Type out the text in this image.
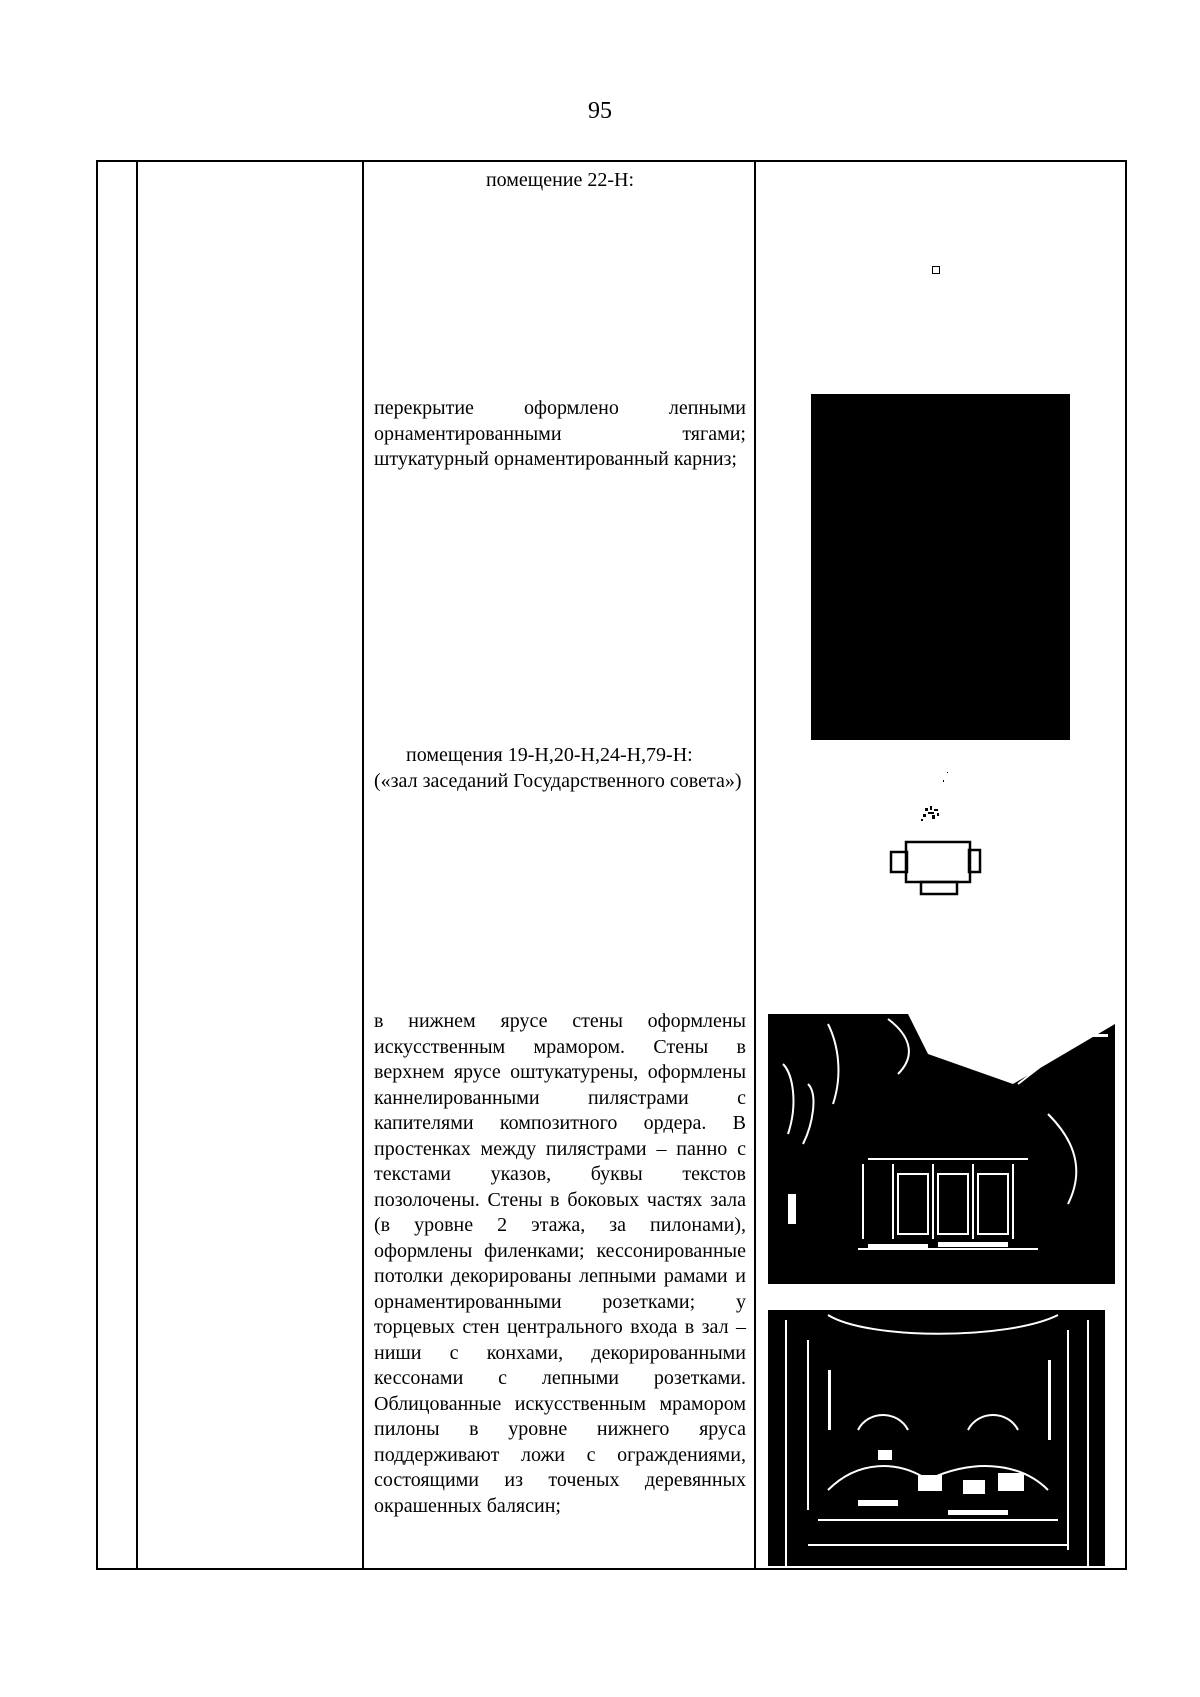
95
помещение 22-Н:
перекрытие оформлено лепными орнаментированными тягами; штукатурный орнаментированный карниз;
помещения 19-Н,20-Н,24-Н,79-Н:
(«зал заседаний Государственного совета»)
в нижнем ярусе стены оформлены искусственным мрамором. Стены в верхнем ярусе оштукатурены, оформлены каннелированными пилястрами с капителями композитного ордера. В простенках между пилястрами – панно с текстами указов, буквы текстов позолочены. Стены в боковых частях зала (в уровне 2 этажа, за пилонами), оформлены филенками; кессонированные потолки декорированы лепными рамами и орнаментированными розетками; у торцевых стен центрального входа в зал – ниши с конхами, декорированными кессонами с лепными розетками. Облицованные искусственным мрамором пилоны в уровне нижнего яруса поддерживают ложи с ограждениями, состоящими из точеных деревянных окрашенных балясин;
